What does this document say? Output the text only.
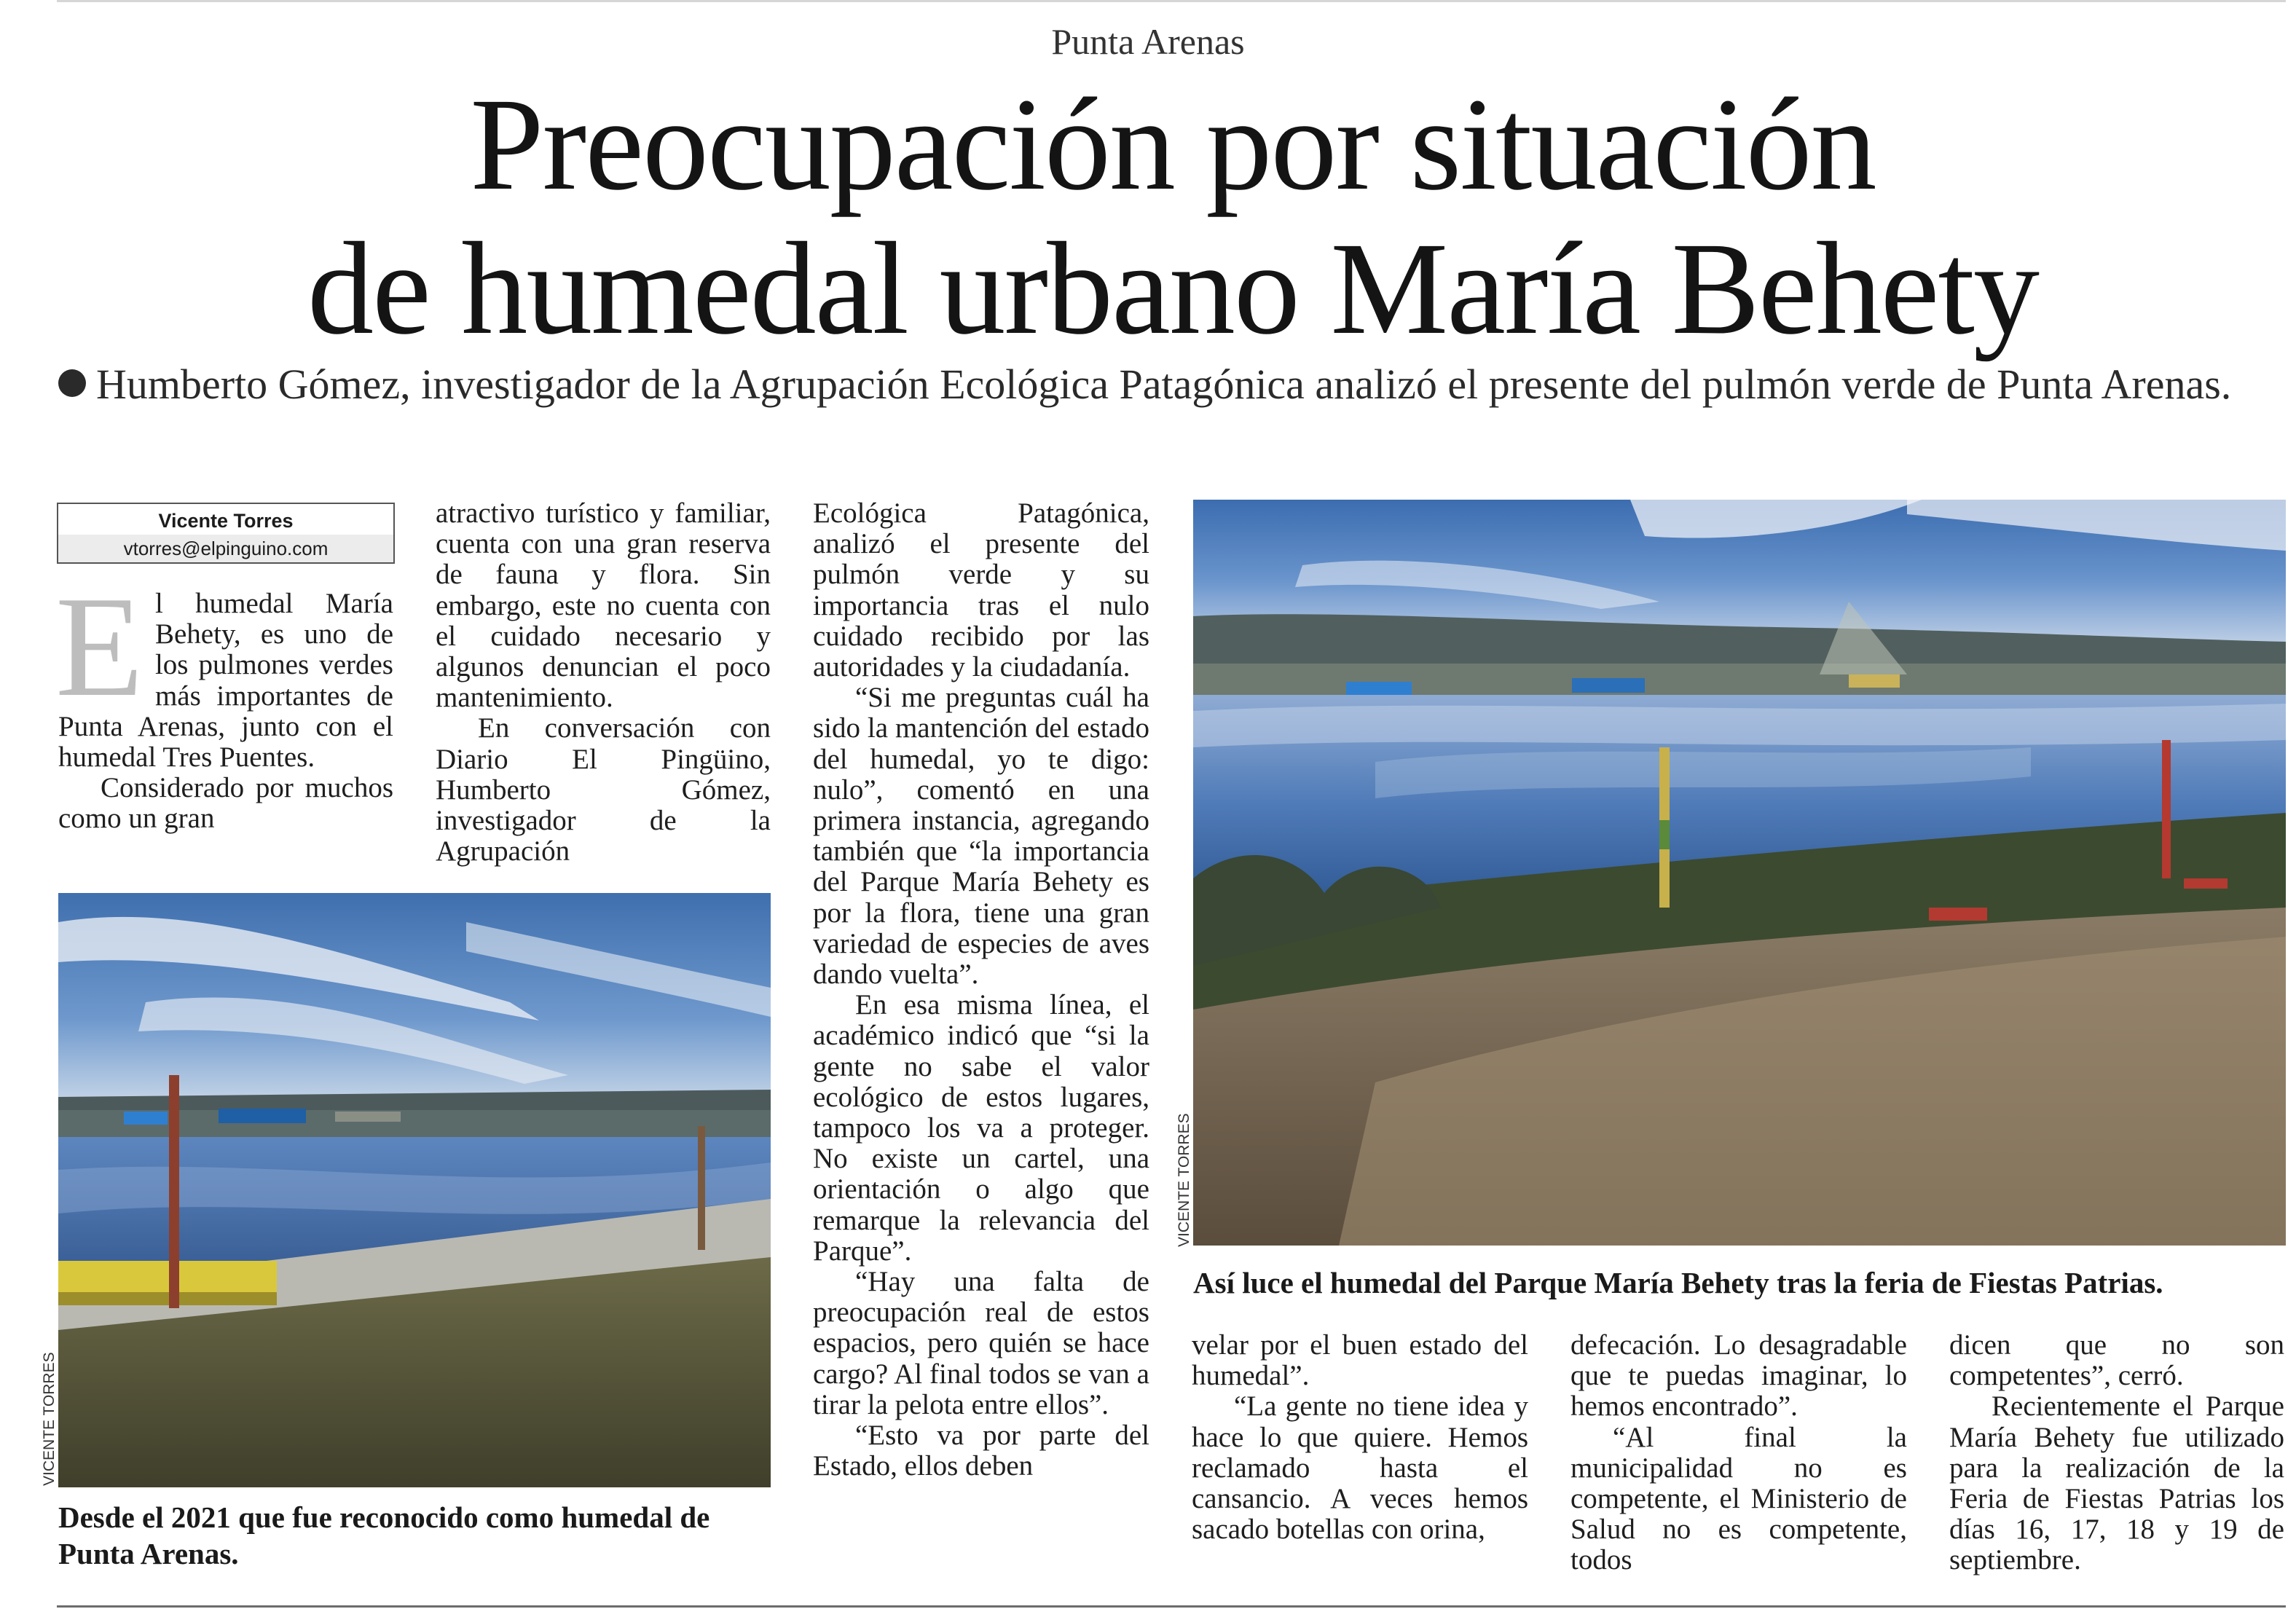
Punta Arenas
Preocupación por situación
de humedal urbano María Behety
Humberto Gómez, investigador de la Agrupación Ecológica Patagónica analizó el presente del pulmón verde de Punta Arenas.
Vicente Torres
vtorres@elpinguino.com
E l humedal María Behety, es uno de los pulmones verdes más importantes de Punta Arenas, junto con el humedal Tres Puentes.

Considerado por muchos como un gran

atractivo turístico y familiar, cuenta con una gran reserva de fauna y flora. Sin embargo, este no cuenta con el cuidado necesario y algunos denuncian el poco mantenimiento.

En conversación con Diario El Pingüino, Humberto Gómez, investigador de la Agrupación

Ecológica Patagónica, analizó el presente del pulmón verde y su importancia tras el nulo cuidado recibido por las autoridades y la ciudadanía.

“Si me preguntas cuál ha sido la mantención del estado del humedal, yo te digo: nulo”, comentó en una primera instancia, agregando también que “la importancia del Parque María Behety es por la flora, tiene una gran variedad de especies de aves dando vuelta”.

En esa misma línea, el académico indicó que “si la gente no sabe el valor ecológico de estos lugares, tampoco los va a proteger. No existe un cartel, una orientación o algo que remarque la relevancia del Parque”.

“Hay una falta de preocupación real de estos espacios, pero quién se hace cargo? Al final todos se van a tirar la pelota entre ellos”.

“Esto va por parte del Estado, ellos deben

velar por el buen estado del humedal”.

“La gente no tiene idea y hace lo que quiere. Hemos reclamado hasta el cansancio. A veces hemos sacado botellas con orina,

defecación. Lo desagradable que te puedas imaginar, lo hemos encontrado”.

“Al final la municipalidad no es competente, el Ministerio de Salud no es competente, todos

dicen que no son competentes”, cerró.

Recientemente el Parque María Behety fue utilizado para la realización de la Feria de Fiestas Patrias los días 16, 17, 18 y 19 de septiembre.

VICENTE TORRES
Desde el 2021 que fue reconocido como humedal de Punta Arenas.
VICENTE TORRES
Así luce el humedal del Parque María Behety tras la feria de Fiestas Patrias.
